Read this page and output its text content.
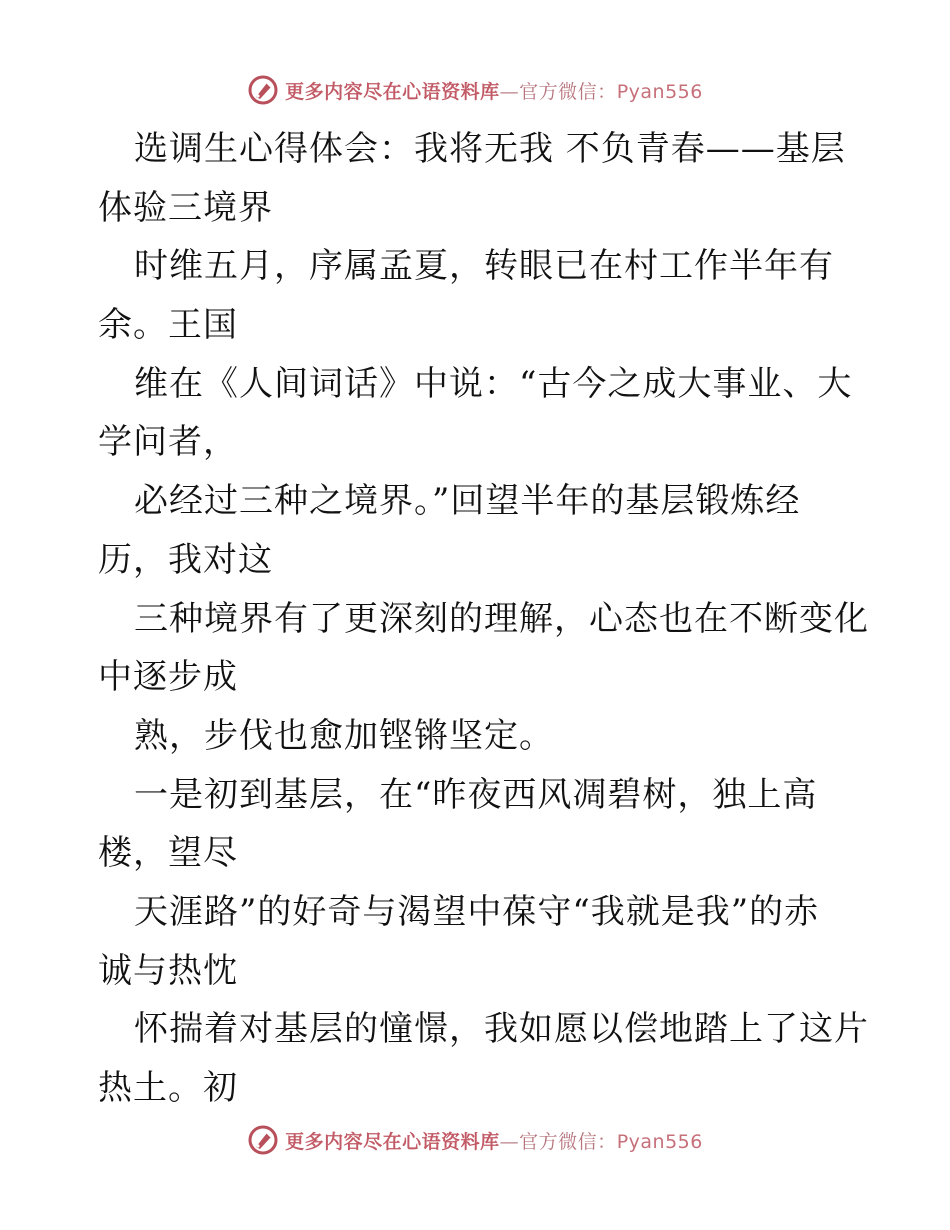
更多内容尽在心语资料库—官方微信：Pyan556
选调生心得体会：我将无我 不负青春——基层
体验三境界
时维五月，序属孟夏，转眼已在村工作半年有
余。王国
维在《人间词话》中说：“古今之成大事业、大
学问者，
必经过三种之境界。”回望半年的基层锻炼经
历，我对这
三种境界有了更深刻的理解，心态也在不断变化
中逐步成
熟，步伐也愈加铿锵坚定。
一是初到基层，在“昨夜西风凋碧树，独上高
楼，望尽
天涯路”的好奇与渴望中葆守“我就是我”的赤
诚与热忱
怀揣着对基层的憧憬，我如愿以偿地踏上了这片
热土。初
更多内容尽在心语资料库—官方微信：Pyan556
